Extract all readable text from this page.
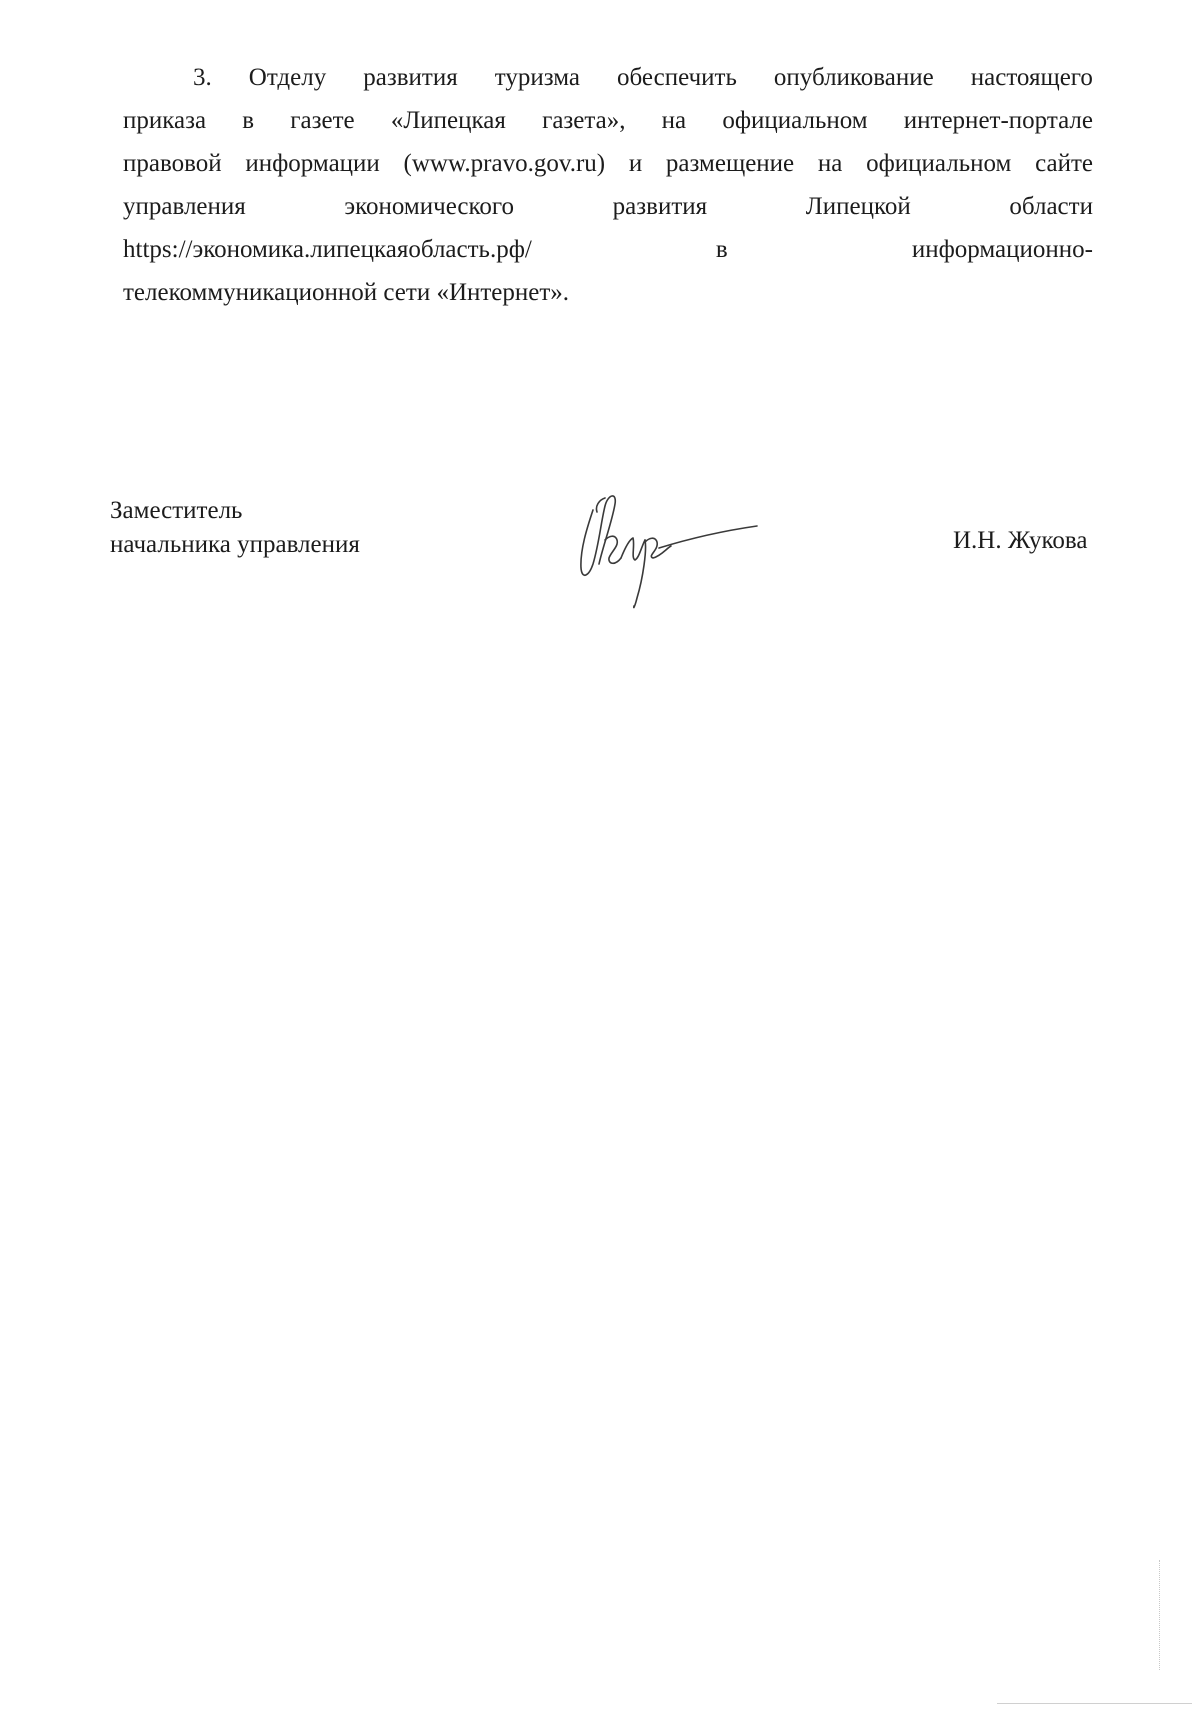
3. Отделу развития туризма обеспечить опубликование настоящего
приказа в газете «Липецкая газета», на официальном интернет-портале
правовой информации (www.pravo.gov.ru) и размещение на официальном сайте
управления	экономического	развития	Липецкой	области
https://экономика.липецкаяобласть.рф/	в	информационно-
телекоммуникационной сети «Интернет».
Заместитель
начальника управления	И.Н. Жукова
